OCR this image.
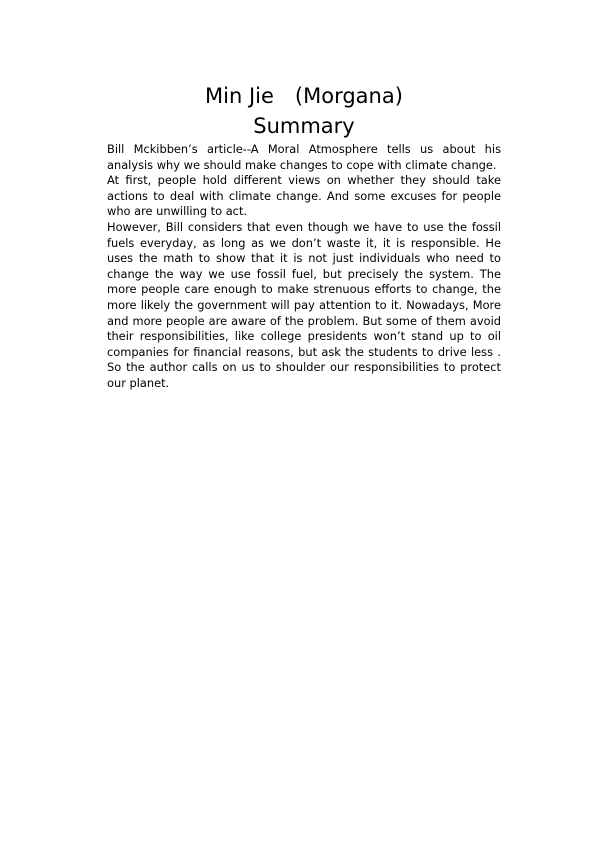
Min Jie　(Morgana)
Summary

Bill Mckibben’s article--A Moral Atmosphere tells us about his analysis why we should make changes to cope with climate change.

At first, people hold different views on whether they should take actions to deal with climate change. And some excuses for people who are unwilling to act.

However, Bill considers that even though we have to use the fossil fuels everyday, as long as we don’t waste it, it is responsible. He uses the math to show that it is not just individuals who need to change the way we use fossil fuel, but precisely the system. The more people care enough to make strenuous efforts to change, the more likely the government will pay attention to it. Nowadays, More and more people are aware of the problem. But some of them avoid their responsibilities, like college presidents won’t stand up to oil companies for financial reasons, but ask the students to drive less . So the author calls on us to shoulder our responsibilities to protect our planet.
